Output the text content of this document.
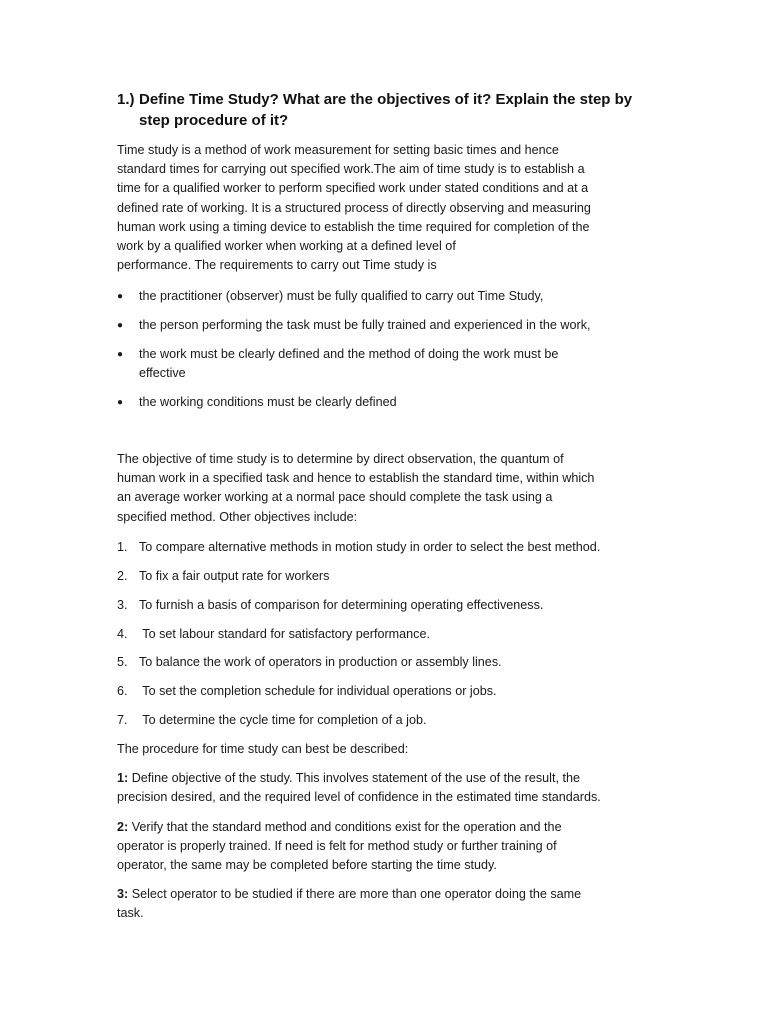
1.) Define Time Study? What are the objectives of it? Explain the step by
step procedure of it?
Time study is a method of work measurement for setting basic times and hence
standard times for carrying out specified work.The aim of time study is to establish a
time for a qualified worker to perform specified work under stated conditions and at a
defined rate of working. It is a structured process of directly observing and measuring
human work using a timing device to establish the time required for completion of the
work by a qualified worker when working at a defined level of
performance. The requirements to carry out Time study is
●	the practitioner (observer) must be fully qualified to carry out Time Study,
●	the person performing the task must be fully trained and experienced in the work,
●	the work must be clearly defined and the method of doing the work must be
effective
●	the working conditions must be clearly defined
The objective of time study is to determine by direct observation, the quantum of
human work in a specified task and hence to establish the standard time, within which
an average worker working at a normal pace should complete the task using a
specified method. Other objectives include:
1. To compare alternative methods in motion study in order to select the best method.
2. To fix a fair output rate for workers
3. To furnish a basis of comparison for determining operating effectiveness.
4. To set labour standard for satisfactory performance.
5. To balance the work of operators in production or assembly lines.
6. To set the completion schedule for individual operations or jobs.
7. To determine the cycle time for completion of a job.
The procedure for time study can best be described:
1: Define objective of the study. This involves statement of the use of the result, the
precision desired, and the required level of confidence in the estimated time standards.
2: Verify that the standard method and conditions exist for the operation and the
operator is properly trained. If need is felt for method study or further training of
operator, the same may be completed before starting the time study.
3: Select operator to be studied if there are more than one operator doing the same
task.
